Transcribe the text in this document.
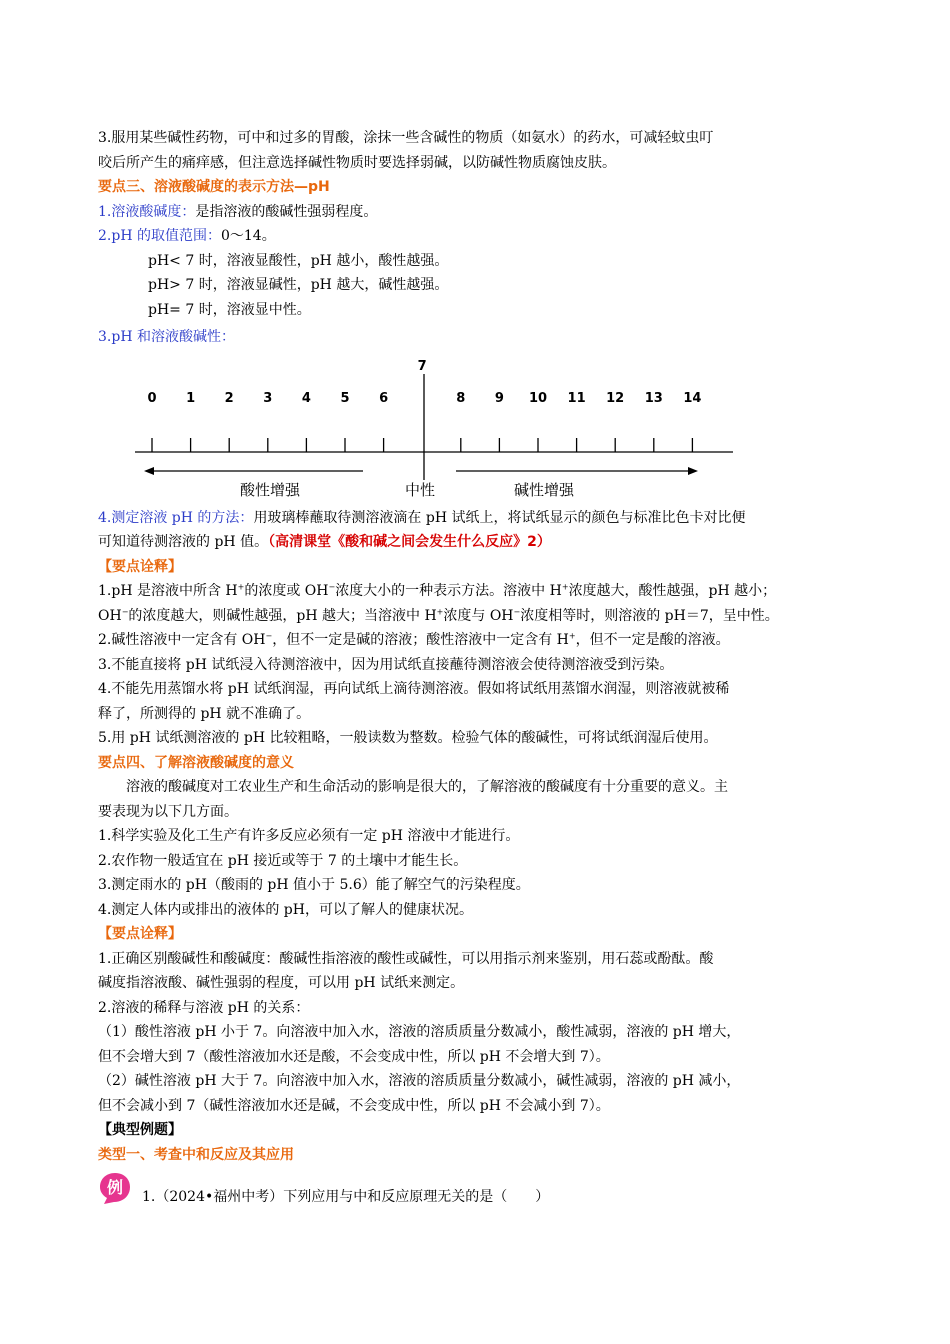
3.服用某些碱性药物，可中和过多的胃酸，涂抹一些含碱性的物质（如氨水）的药水，可减轻蚊虫叮
咬后所产生的痛痒感，但注意选择碱性物质时要选择弱碱，以防碱性物质腐蚀皮肤。
要点三、溶液酸碱度的表示方法—pH
1.溶液酸碱度：是指溶液的酸碱性强弱程度。
2.pH 的取值范围：0～14。
pH< 7 时，溶液显酸性，pH 越小，酸性越强。
pH> 7 时，溶液显碱性，pH 越大，碱性越强。
pH= 7 时，溶液显中性。
3.pH 和溶液酸碱性：
0 1 2 3 4 5 6
7
8 9 10 11 12 13 14
酸性增强	中性	碱性增强
4.测定溶液 pH 的方法：用玻璃棒蘸取待测溶液滴在 pH 试纸上，将试纸显示的颜色与标准比色卡对比便
可知道待测溶液的 pH 值。（高清课堂《酸和碱之间会发生什么反应》2）
【要点诠释】
1.pH 是溶液中所含 H+的浓度或 OH−浓度大小的一种表示方法。溶液中 H+浓度越大，酸性越强，pH 越小；
OH−的浓度越大，则碱性越强，pH 越大；当溶液中 H+浓度与 OH−浓度相等时，则溶液的 pH＝7，呈中性。
2.碱性溶液中一定含有 OH−，但不一定是碱的溶液；酸性溶液中一定含有 H+，但不一定是酸的溶液。
3.不能直接将 pH 试纸浸入待测溶液中，因为用试纸直接蘸待测溶液会使待测溶液受到污染。
4.不能先用蒸馏水将 pH 试纸润湿，再向试纸上滴待测溶液。假如将试纸用蒸馏水润湿，则溶液就被稀
释了，所测得的 pH 就不准确了。
5.用 pH 试纸测溶液的 pH 比较粗略，一般读数为整数。检验气体的酸碱性，可将试纸润湿后使用。
要点四、了解溶液酸碱度的意义
溶液的酸碱度对工农业生产和生命活动的影响是很大的，了解溶液的酸碱度有十分重要的意义。主
要表现为以下几方面。
1.科学实验及化工生产有许多反应必须有一定 pH 溶液中才能进行。
2.农作物一般适宜在 pH 接近或等于 7 的土壤中才能生长。
3.测定雨水的 pH（酸雨的 pH 值小于 5.6）能了解空气的污染程度。
4.测定人体内或排出的液体的 pH，可以了解人的健康状况。
【要点诠释】
1.正确区别酸碱性和酸碱度：酸碱性指溶液的酸性或碱性，可以用指示剂来鉴别，用石蕊或酚酞。酸
碱度指溶液酸、碱性强弱的程度，可以用 pH 试纸来测定。
2.溶液的稀释与溶液 pH 的关系：
（1）酸性溶液 pH 小于 7。向溶液中加入水，溶液的溶质质量分数减小，酸性减弱，溶液的 pH 增大，
但不会增大到 7（酸性溶液加水还是酸，不会变成中性，所以 pH 不会增大到 7）。
（2）碱性溶液 pH 大于 7。向溶液中加入水，溶液的溶质质量分数减小，碱性减弱，溶液的 pH 减小，
但不会减小到 7（碱性溶液加水还是碱，不会变成中性，所以 pH 不会减小到 7）。
【典型例题】
类型一、考查中和反应及其应用
例 1.（2024•福州中考）下列应用与中和反应原理无关的是（　　）
